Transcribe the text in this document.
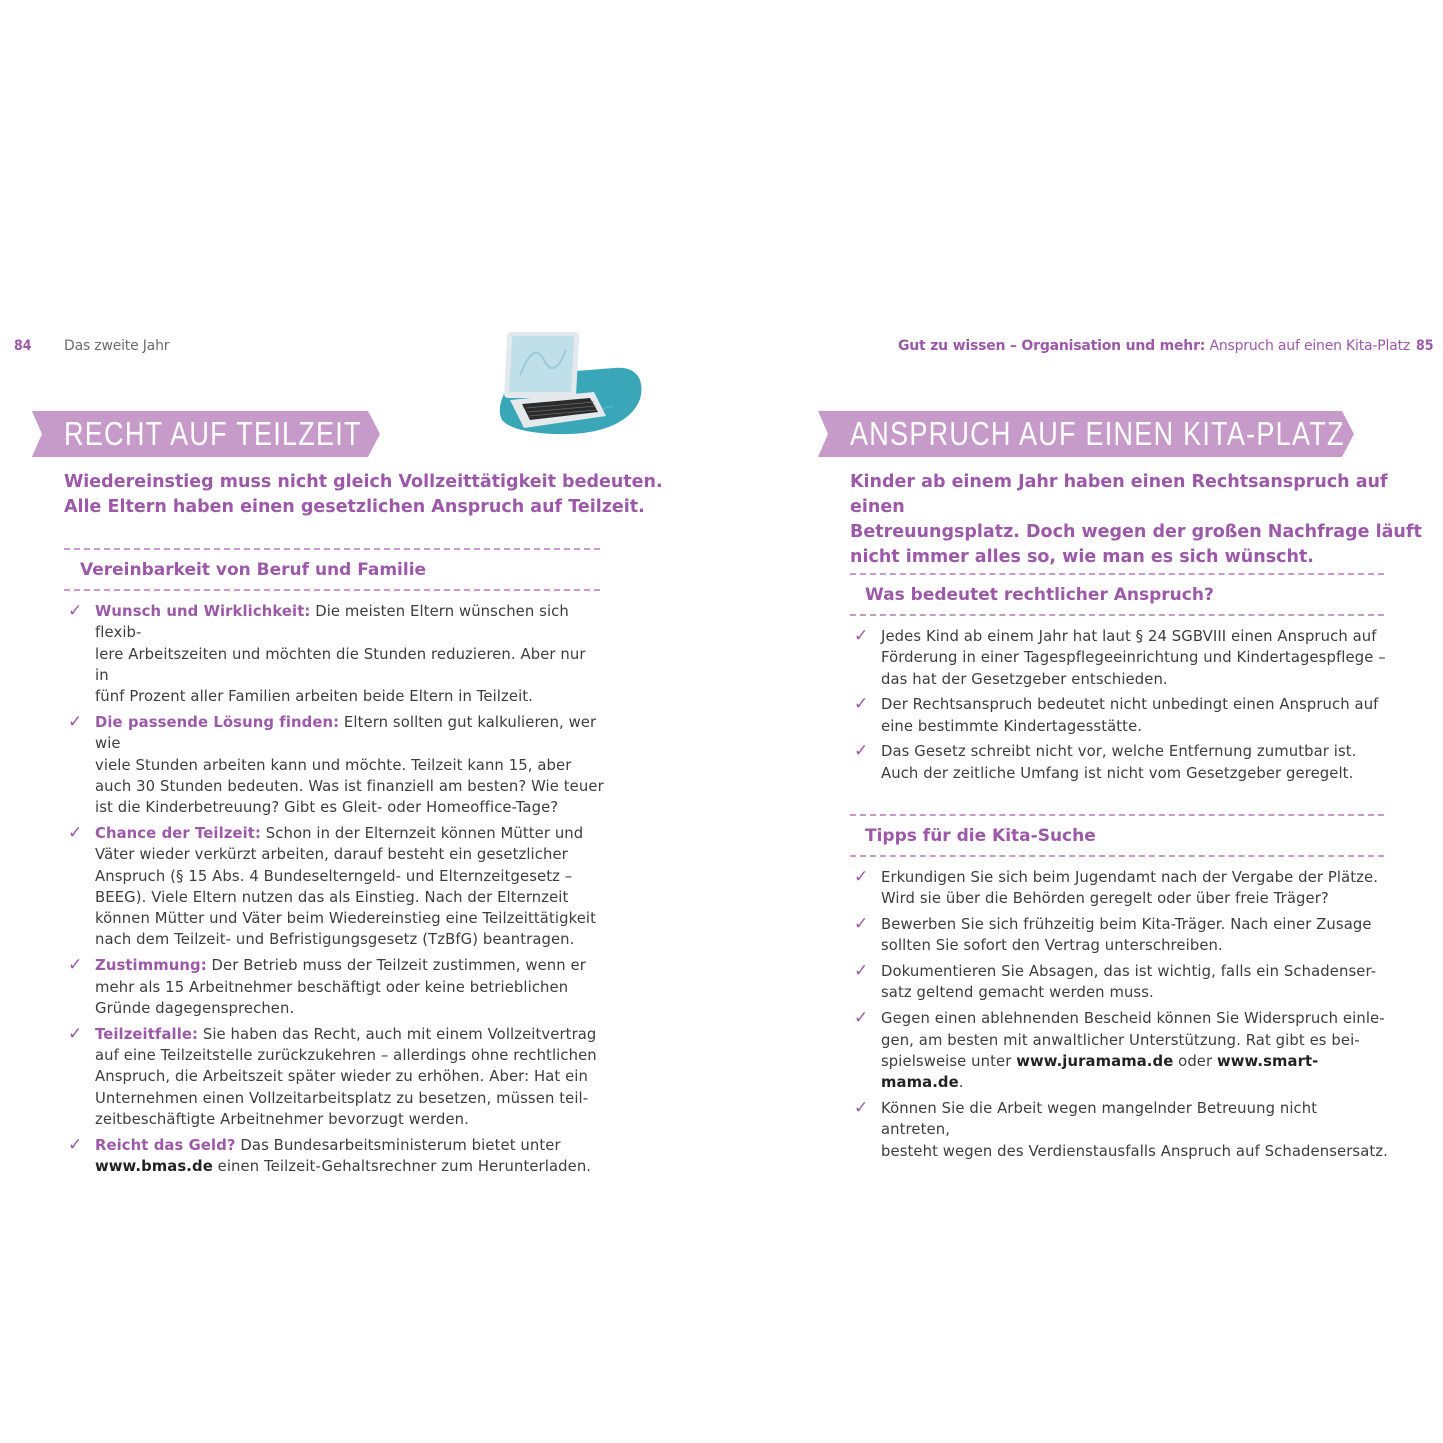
84 Das zweite Jahr
RECHT AUF TEILZEIT
Wiedereinstieg muss nicht gleich Vollzeittätigkeit bedeuten.
Alle Eltern haben einen gesetzlichen Anspruch auf Teilzeit.
Vereinbarkeit von Beruf und Familie
✓ Wunsch und Wirklichkeit: Die meisten Eltern wünschen sich flexib-
lere Arbeitszeiten und möchten die Stunden reduzieren. Aber nur in
fünf Prozent aller Familien arbeiten beide Eltern in Teilzeit.
✓ Die passende Lösung finden: Eltern sollten gut kalkulieren, wer wie
viele Stunden arbeiten kann und möchte. Teilzeit kann 15, aber
auch 30 Stunden bedeuten. Was ist finanziell am besten? Wie teuer
ist die Kinderbetreuung? Gibt es Gleit- oder Homeoffice-Tage?
✓ Chance der Teilzeit: Schon in der Elternzeit können Mütter und
Väter wieder verkürzt arbeiten, darauf besteht ein gesetzlicher
Anspruch (§ 15 Abs. 4 Bundeselterngeld- und Elternzeitgesetz –
BEEG). Viele Eltern nutzen das als Einstieg. Nach der Elternzeit
können Mütter und Väter beim Wiedereinstieg eine Teilzeittätigkeit
nach dem Teilzeit- und Befristigungsgesetz (TzBfG) beantragen.
✓ Zustimmung: Der Betrieb muss der Teilzeit zustimmen, wenn er
mehr als 15 Arbeitnehmer beschäftigt oder keine betrieblichen
Gründe dagegensprechen.
✓ Teilzeitfalle: Sie haben das Recht, auch mit einem Vollzeitvertrag
auf eine Teilzeitstelle zurückzukehren – allerdings ohne rechtlichen
Anspruch, die Arbeitszeit später wieder zu erhöhen. Aber: Hat ein
Unternehmen einen Vollzeitarbeitsplatz zu besetzen, müssen teil-
zeitbeschäftigte Arbeitnehmer bevorzugt werden.
✓ Reicht das Geld? Das Bundesarbeitsministerum bietet unter
www.bmas.de einen Teilzeit-Gehaltsrechner zum Herunterladen.
Gut zu wissen – Organisation und mehr: Anspruch auf einen Kita-Platz 85
ANSPRUCH AUF EINEN KITA-PLATZ
Kinder ab einem Jahr haben einen Rechtsanspruch auf einen
Betreuungsplatz. Doch wegen der großen Nachfrage läuft
nicht immer alles so, wie man es sich wünscht.
Was bedeutet rechtlicher Anspruch?
✓ Jedes Kind ab einem Jahr hat laut § 24 SGBVIII einen Anspruch auf
Förderung in einer Tagespflegeeinrichtung und Kindertagespflege –
das hat der Gesetzgeber entschieden.
✓ Der Rechtsanspruch bedeutet nicht unbedingt einen Anspruch auf
eine bestimmte Kindertagesstätte.
✓ Das Gesetz schreibt nicht vor, welche Entfernung zumutbar ist.
Auch der zeitliche Umfang ist nicht vom Gesetzgeber geregelt.
Tipps für die Kita-Suche
✓ Erkundigen Sie sich beim Jugendamt nach der Vergabe der Plätze.
Wird sie über die Behörden geregelt oder über freie Träger?
✓ Bewerben Sie sich frühzeitig beim Kita-Träger. Nach einer Zusage
sollten Sie sofort den Vertrag unterschreiben.
✓ Dokumentieren Sie Absagen, das ist wichtig, falls ein Schadenser-
satz geltend gemacht werden muss.
✓ Gegen einen ablehnenden Bescheid können Sie Widerspruch einle-
gen, am besten mit anwaltlicher Unterstützung. Rat gibt es bei-
spielsweise unter www.juramama.de oder www.smart-mama.de.
✓ Können Sie die Arbeit wegen mangelnder Betreuung nicht antreten,
besteht wegen des Verdienstausfalls Anspruch auf Schadensersatz.
